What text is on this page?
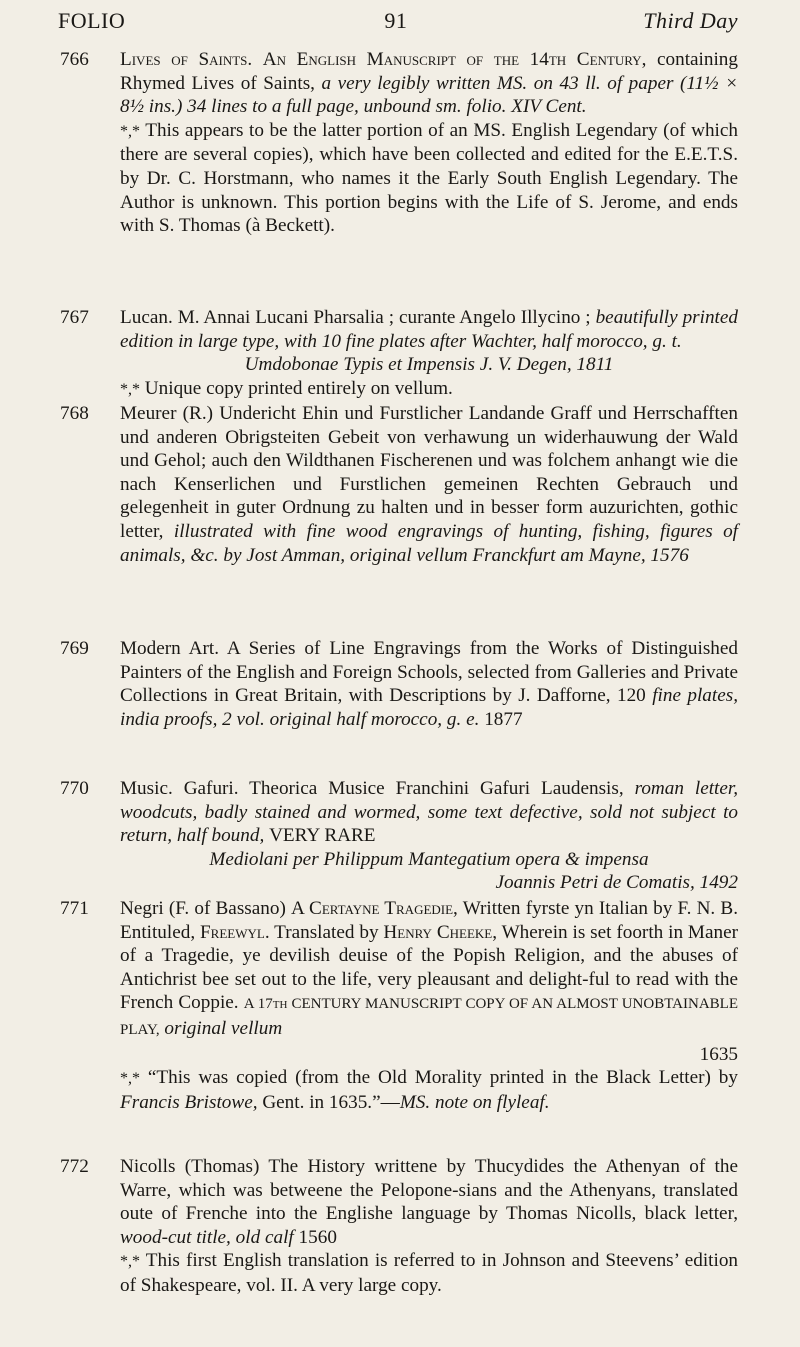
FOLIO	91	Third Day
766	Lives of Saints. An English Manuscript of the 14th Century, containing Rhymed Lives of Saints, a very legibly written MS. on 43 ll. of paper (11½ × 8½ ins.) 34 lines to a full page, unbound sm. folio. XIV Cent.

*,* This appears to be the latter portion of an MS. English Legendary (of which there are several copies), which have been collected and edited for the E.E.T.S. by Dr. C. Horstmann, who names it the Early South English Legendary. The Author is unknown. This portion begins with the Life of S. Jerome, and ends with S. Thomas (à Beckett).

767	Lucan. M. Annai Lucani Pharsalia ; curante Angelo Illycino ; beautifully printed edition in large type, with 10 fine plates after Wachter, half morocco, g. t.

Umdobonae Typis et Impensis J. V. Degen, 1811

*,* Unique copy printed entirely on vellum.

768	Meurer (R.) Undericht Ehin und Furstlicher Landande Graff und Herrschafften und anderen Obrigsteiten Gebeit von verhawung un widerhauwung der Wald und Gehol; auch den Wildthanen Fischerenen und was folchem anhangt wie die nach Kenserlichen und Furstlichen gemeinen Rechten Gebrauch und gelegenheit in guter Ordnung zu halten und in besser form auzurichten, gothic letter, illustrated with fine wood engravings of hunting, fishing, figures of animals, &c. by Jost Amman, original vellum Franckfurt am Mayne, 1576

769	Modern Art. A Series of Line Engravings from the Works of Distinguished Painters of the English and Foreign Schools, selected from Galleries and Private Collections in Great Britain, with Descriptions by J. Dafforne, 120 fine plates, india proofs, 2 vol. original half morocco, g. e. 1877

770	Music. Gafuri. Theorica Musice Franchini Gafuri Laudensis, roman letter, woodcuts, badly stained and wormed, some text defective, sold not subject to return, half bound, VERY RARE

Mediolani per Philippum Mantegatium opera & impensa

Joannis Petri de Comatis, 1492

771	Negri (F. of Bassano) A Certayne Tragedie, Written fyrste yn Italian by F. N. B. Entituled, Freewyl. Translated by Henry Cheeke, Wherein is set foorth in Maner of a Tragedie, ye devilish deuise of the Popish Religion, and the abuses of Antichrist bee set out to the life, very pleausant and delight-ful to read with the French Coppie. A 17th CENTURY MANUSCRIPT COPY OF AN ALMOST UNOBTAINABLE PLAY, original vellum

1635

*,* “This was copied (from the Old Morality printed in the Black Letter) by Francis Bristowe, Gent. in 1635.”—MS. note on flyleaf.

772	Nicolls (Thomas) The History writtene by Thucydides the Athenyan of the Warre, which was betweene the Pelopone-sians and the Athenyans, translated oute of Frenche into the Englishe language by Thomas Nicolls, black letter, wood-cut title, old calf 1560

*,* This first English translation is referred to in Johnson and Steevens’ edition of Shakespeare, vol. II. A very large copy.
